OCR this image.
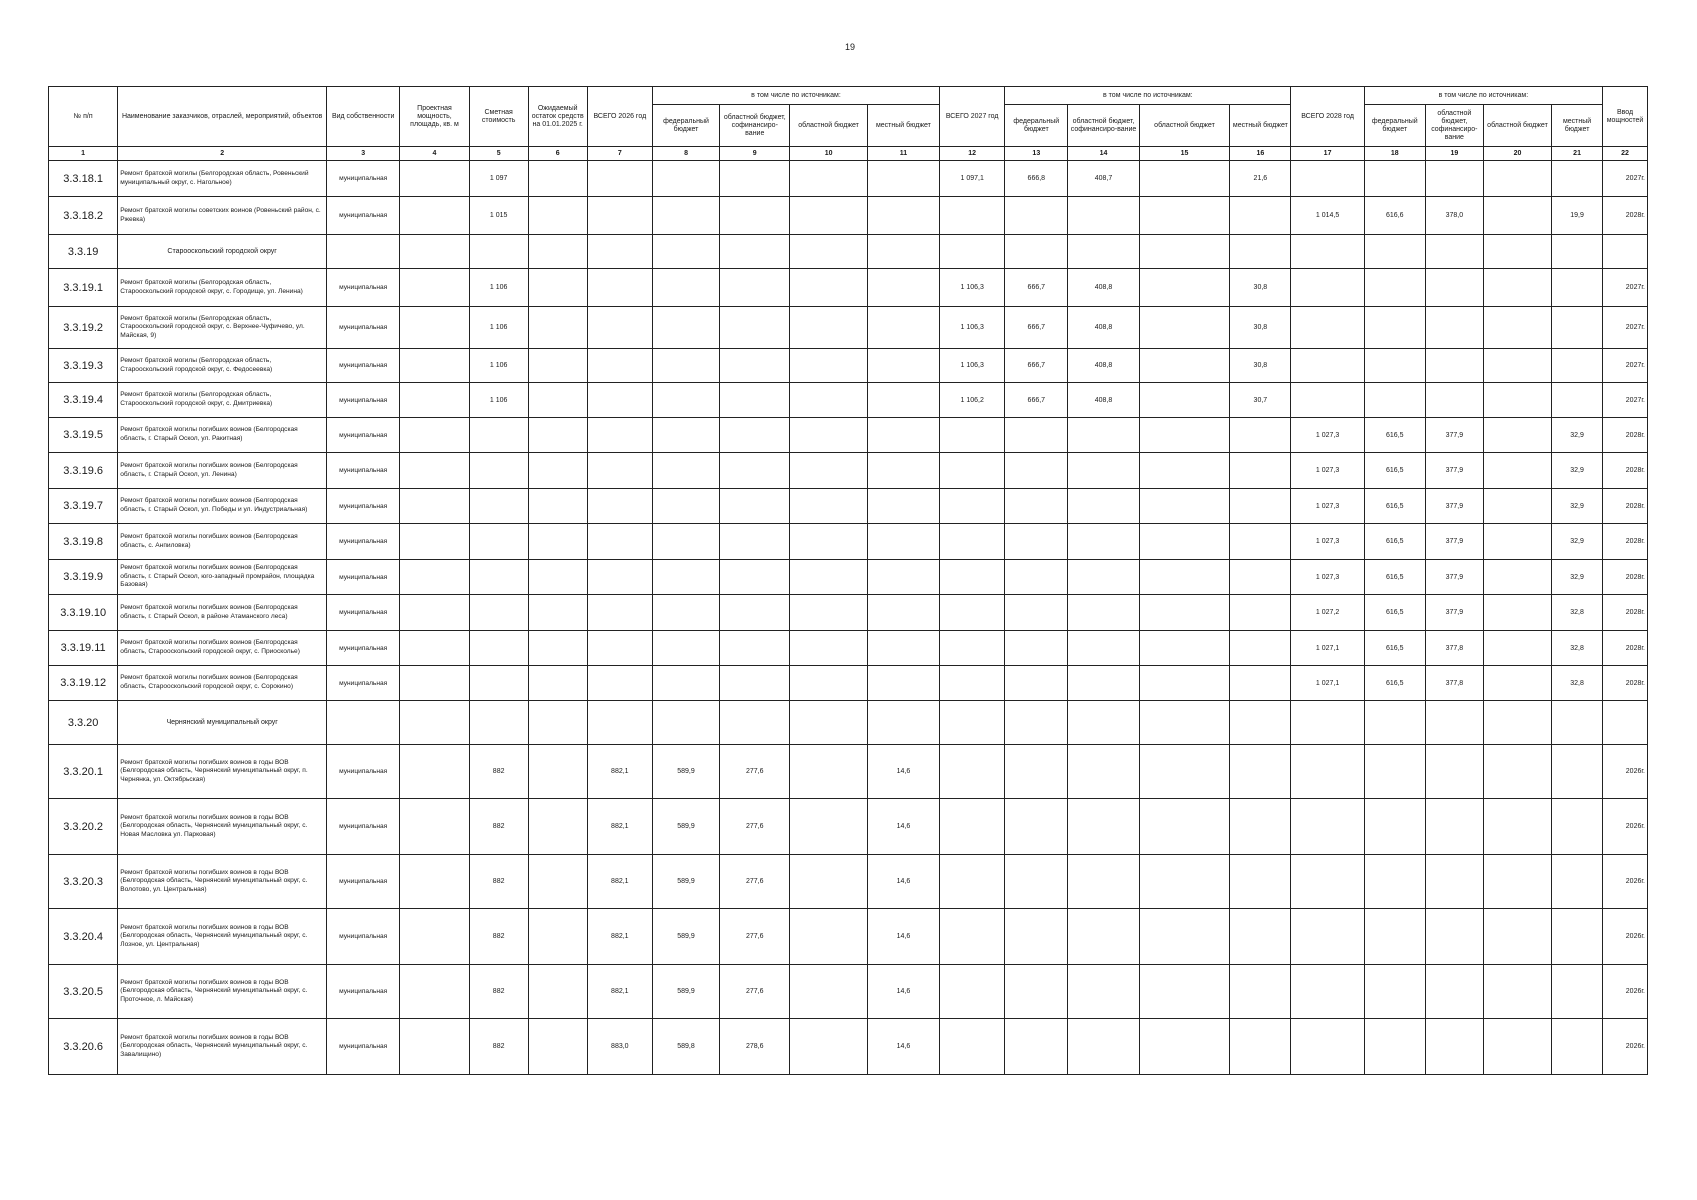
19
№ п/п	Наименование заказчиков, отраслей, мероприятий, объектов	Вид собственности	Проектная мощность, площадь, кв. м	Сметная стоимость	Ожидаемый остаток средств на 01.01.2025 г.	ВСЕГО 2026 год	в том числе по источникам:				ВСЕГО 2027 год	в том числе по источникам:				ВСЕГО 2028 год	в том числе по источникам:				Ввод мощностей
							федеральный бюджет	областной бюджет, софинансиро-вание	областной бюджет	местный бюджет		федеральный бюджет	областной бюджет, софинансиро-вание	областной бюджет	местный бюджет		федеральный бюджет	областной бюджет, софинансиро-вание	областной бюджет	местный бюджет	
1	2	3	4	5	6	7	8	9	10	11	12	13	14	15	16	17	18	19	20	21	22
3.3.18.1	Ремонт братской могилы (Белгородская область, Ровеньский муниципальный округ, с. Нагольное)	муниципальная		1 097							1 097,1	666,8	408,7		21,6						2027г.
3.3.18.2	Ремонт братской могилы советских воинов (Ровеньский район, с. Ржевка)	муниципальная		1 015												1 014,5	616,6	378,0		19,9	2028г.
3.3.19	Старооскольский городской округ																				
3.3.19.1	Ремонт братской могилы (Белгородская область, Старооскольский городской округ, с. Городище, ул. Ленина)	муниципальная		1 106							1 106,3	666,7	408,8		30,8						2027г.
3.3.19.2	Ремонт братской могилы (Белгородская область, Старооскольский городской округ, с. Верхнее-Чуфичево, ул. Майская, 9)	муниципальная		1 106							1 106,3	666,7	408,8		30,8						2027г.
3.3.19.3	Ремонт братской могилы (Белгородская область, Старооскольский городской округ, с. Федосеевка)	муниципальная		1 106							1 106,3	666,7	408,8		30,8						2027г.
3.3.19.4	Ремонт братской могилы (Белгородская область, Старооскольский городской округ, с. Дмитриевка)	муниципальная		1 106							1 106,2	666,7	408,8		30,7						2027г.
3.3.19.5	Ремонт братской могилы погибших воинов (Белгородская область, г. Старый Оскол, ул. Ракитная)	муниципальная														1 027,3	616,5	377,9		32,9	2028г.
3.3.19.6	Ремонт братской могилы погибших воинов (Белгородская область, г. Старый Оскол, ул. Ленина)	муниципальная														1 027,3	616,5	377,9		32,9	2028г.
3.3.19.7	Ремонт братской могилы погибших воинов (Белгородская область, г. Старый Оскол, ул. Победы и ул. Индустриальная)	муниципальная														1 027,3	616,5	377,9		32,9	2028г.
3.3.19.8	Ремонт братской могилы погибших воинов (Белгородская область, с. Анпиловка)	муниципальная														1 027,3	616,5	377,9		32,9	2028г.
3.3.19.9	Ремонт братской могилы погибших воинов (Белгородская область, г. Старый Оскол, юго-западный промрайон, площадка Базовая)	муниципальная														1 027,3	616,5	377,9		32,9	2028г.
3.3.19.10	Ремонт братской могилы погибших воинов (Белгородская область, г. Старый Оскол, в районе Атаманского леса)	муниципальная														1 027,2	616,5	377,9		32,8	2028г.
3.3.19.11	Ремонт братской могилы погибших воинов (Белгородская область, Старооскольский городской округ, с. Приосколье)	муниципальная														1 027,1	616,5	377,8		32,8	2028г.
3.3.19.12	Ремонт братской могилы погибших воинов (Белгородская область, Старооскольский городской округ, с. Сорокино)	муниципальная														1 027,1	616,5	377,8		32,8	2028г.
3.3.20	Чернянский муниципальный округ																				
3.3.20.1	Ремонт братской могилы погибших воинов в годы ВОВ (Белгородская область, Чернянский муниципальный округ, п. Чернянка, ул. Октябрьская)	муниципальная		882		882,1	589,9	277,6		14,6											2026г.
3.3.20.2	Ремонт братской могилы погибших воинов в годы ВОВ (Белгородская область, Чернянский муниципальный округ, с. Новая Масловка ул. Парковая)	муниципальная		882		882,1	589,9	277,6		14,6											2026г.
3.3.20.3	Ремонт братской могилы погибших воинов в годы ВОВ (Белгородская область, Чернянский муниципальный округ, с. Волотово, ул. Центральная)	муниципальная		882		882,1	589,9	277,6		14,6											2026г.
3.3.20.4	Ремонт братской могилы погибших воинов в годы ВОВ (Белгородская область, Чернянский муниципальный округ, с. Лозное, ул. Центральная)	муниципальная		882		882,1	589,9	277,6		14,6											2026г.
3.3.20.5	Ремонт братской могилы погибших воинов в годы ВОВ (Белгородская область, Чернянский муниципальный округ, с. Проточное, л. Майская)	муниципальная		882		882,1	589,9	277,6		14,6											2026г.
3.3.20.6	Ремонт братской могилы погибших воинов в годы ВОВ (Белгородская область, Чернянский муниципальный округ, с. Завалищино)	муниципальная		882		883,0	589,8	278,6		14,6											2026г.
